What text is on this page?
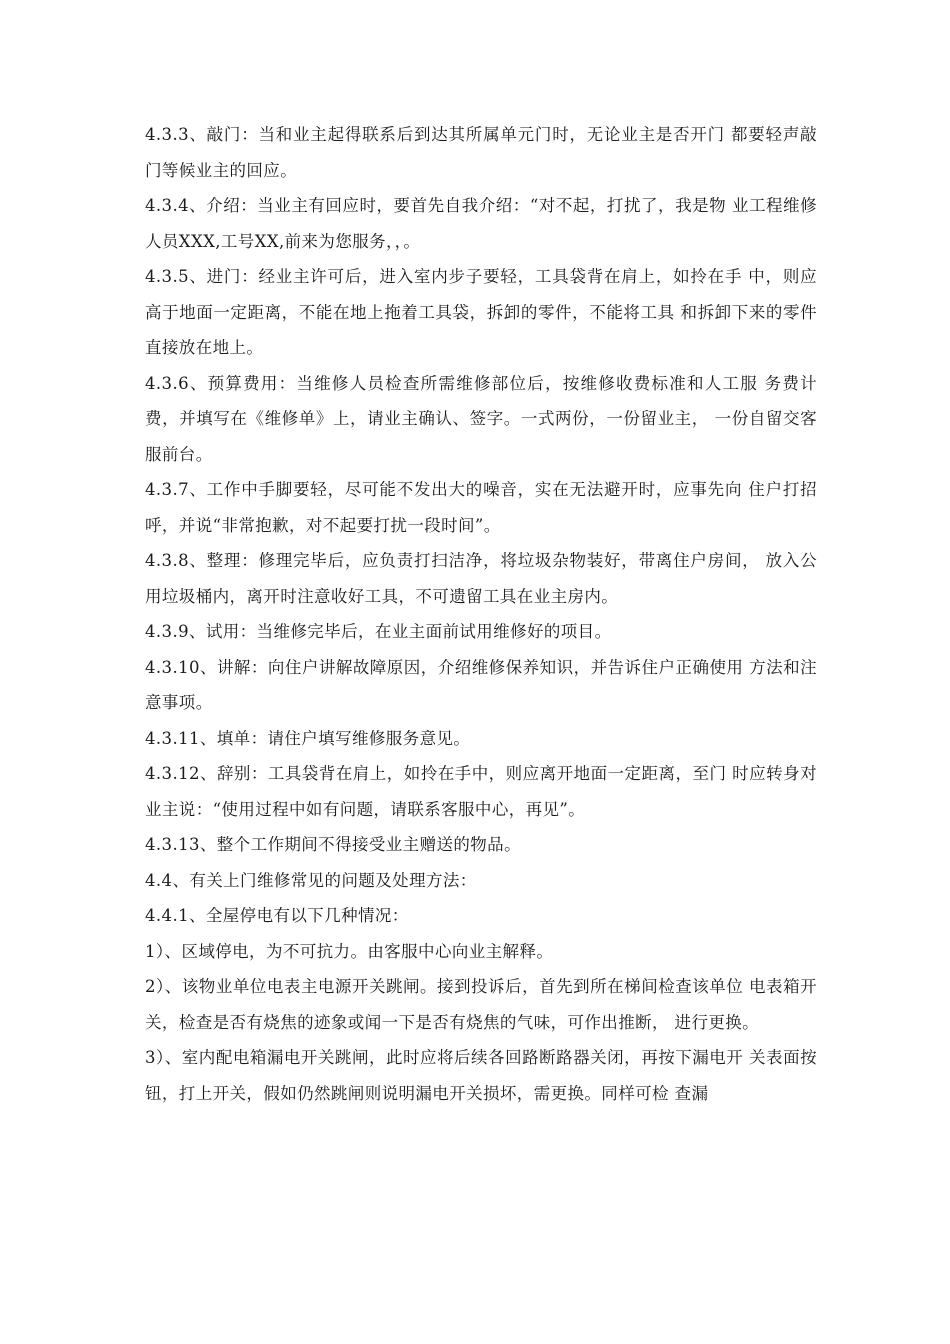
4.3.3、敲门：当和业主起得联系后到达其所属单元门时，无论业主是否开门 都要轻声敲门等候业主的回应。

4.3.4、介绍：当业主有回应时，要首先自我介绍：“对不起，打扰了，我是物 业工程维修人员XXX,工号XX,前来为您服务，，。

4.3.5、进门：经业主许可后，进入室内步子要轻，工具袋背在肩上，如拎在手 中，则应高于地面一定距离，不能在地上拖着工具袋，拆卸的零件，不能将工具 和拆卸下来的零件直接放在地上。

4.3.6、预算费用：当维修人员检查所需维修部位后，按维修收费标准和人工服 务费计费，并填写在《维修单》上，请业主确认、签字。一式两份，一份留业主， 一份自留交客服前台。

4.3.7、工作中手脚要轻，尽可能不发出大的噪音，实在无法避开时，应事先向 住户打招呼，并说“非常抱歉，对不起要打扰一段时间”。

4.3.8、整理：修理完毕后，应负责打扫洁净，将垃圾杂物装好，带离住户房间， 放入公用垃圾桶内，离开时注意收好工具，不可遗留工具在业主房内。

4.3.9、试用：当维修完毕后，在业主面前试用维修好的项目。

4.3.10、讲解：向住户讲解故障原因，介绍维修保养知识，并告诉住户正确使用 方法和注意事项。

4.3.11、填单：请住户填写维修服务意见。

4.3.12、辞别：工具袋背在肩上，如拎在手中，则应离开地面一定距离，至门 时应转身对业主说：“使用过程中如有问题，请联系客服中心，再见”。

4.3.13、整个工作期间不得接受业主赠送的物品。

4.4、有关上门维修常见的问题及处理方法：

4.4.1、全屋停电有以下几种情况：

1）、区域停电，为不可抗力。由客服中心向业主解释。

2）、该物业单位电表主电源开关跳闸。接到投诉后，首先到所在梯间检查该单位 电表箱开关，检查是否有烧焦的迹象或闻一下是否有烧焦的气味，可作出推断， 进行更换。

3）、室内配电箱漏电开关跳闸，此时应将后续各回路断路器关闭，再按下漏电开 关表面按钮，打上开关，假如仍然跳闸则说明漏电开关损坏，需更换。同样可检 查漏
